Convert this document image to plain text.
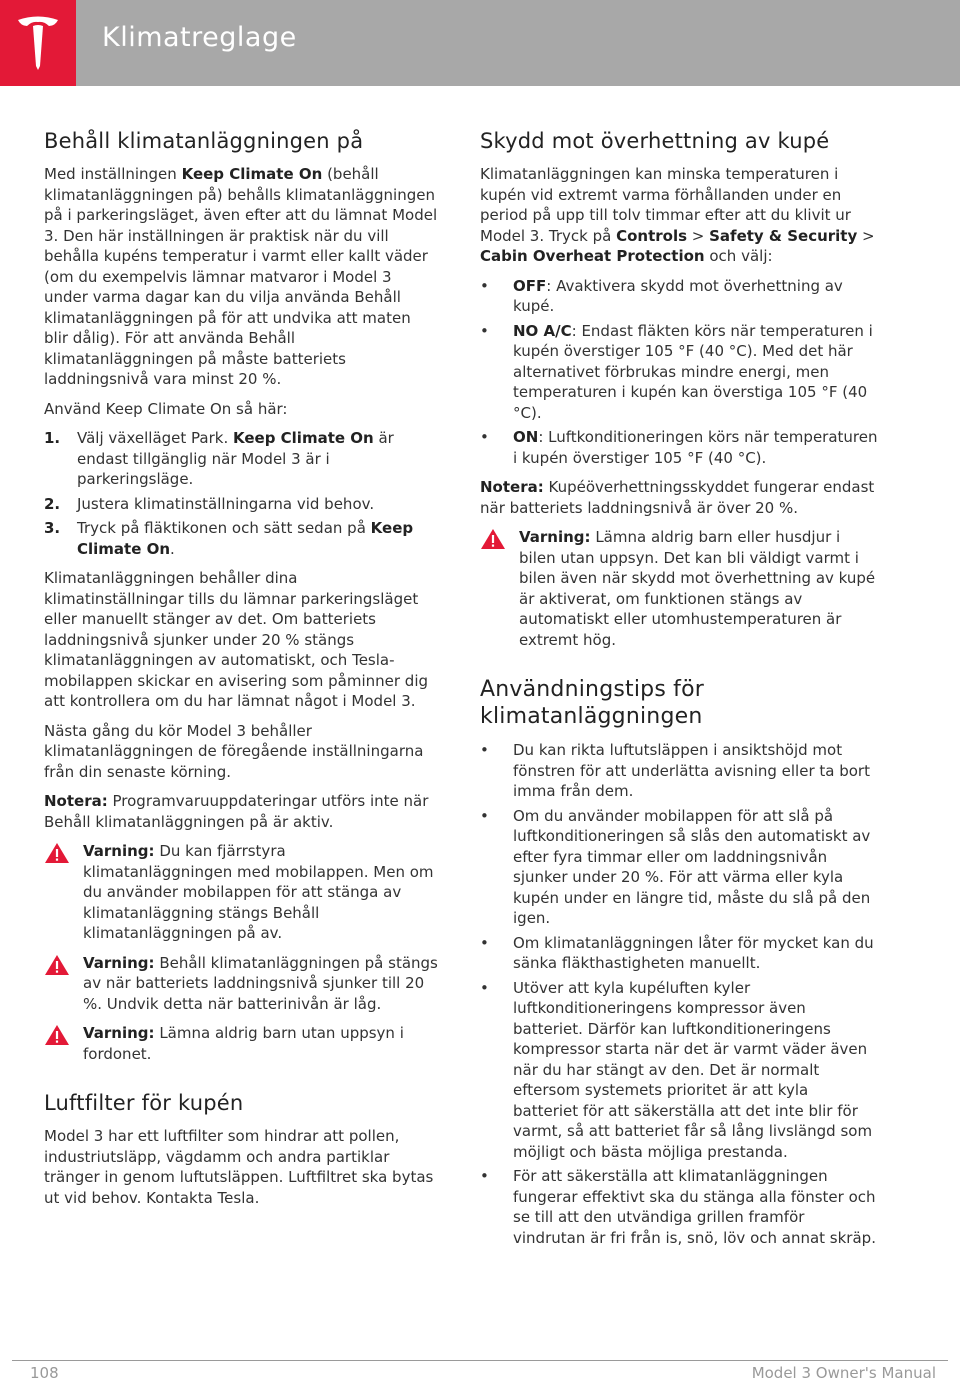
Klimatreglage
Behåll klimatanläggningen på

Med inställningen Keep Climate On (behåll klimatanläggningen på) behålls klimatanläggningen på i parkeringsläget, även efter att du lämnat Model 3. Den här inställningen är praktisk när du vill behålla kupéns temperatur i varmt eller kallt väder (om du exempelvis lämnar matvaror i Model 3 under varma dagar kan du vilja använda Behåll klimatanläggningen på för att undvika att maten blir dålig). För att använda Behåll klimatanläggningen på måste batteriets laddningsnivå vara minst 20 %.

Använd Keep Climate On så här:

1. Välj växelläget Park. Keep Climate On är endast tillgänglig när Model 3 är i parkeringsläge.
2. Justera klimatinställningarna vid behov.
3. Tryck på fläktikonen och sätt sedan på Keep Climate On.

Klimatanläggningen behåller dina klimatinställningar tills du lämnar parkeringsläget eller manuellt stänger av det. Om batteriets laddningsnivå sjunker under 20 % stängs klimatanläggningen av automatiskt, och Tesla-mobilappen skickar en avisering som påminner dig att kontrollera om du har lämnat något i Model 3.

Nästa gång du kör Model 3 behåller klimatanläggningen de föregående inställningarna från din senaste körning.

Notera: Programvaruuppdateringar utförs inte när Behåll klimatanläggningen på är aktiv.

Varning: Du kan fjärrstyra klimatanläggningen med mobilappen. Men om du använder mobilappen för att stänga av klimatanläggning stängs Behåll klimatanläggningen på av.
Varning: Behåll klimatanläggningen på stängs av när batteriets laddningsnivå sjunker till 20 %. Undvik detta när batterinivån är låg.
Varning: Lämna aldrig barn utan uppsyn i fordonet.
Luftfilter för kupén

Model 3 har ett luftfilter som hindrar att pollen, industriutsläpp, vägdamm och andra partiklar tränger in genom luftutsläppen. Luftfiltret ska bytas ut vid behov. Kontakta Tesla.

Skydd mot överhettning av kupé

Klimatanläggningen kan minska temperaturen i kupén vid extremt varma förhållanden under en period på upp till tolv timmar efter att du klivit ur Model 3. Tryck på Controls > Safety & Security > Cabin Overheat Protection och välj:

• OFF: Avaktivera skydd mot överhettning av kupé.
• NO A/C: Endast fläkten körs när temperaturen i kupén överstiger 105 °F (40 °C). Med det här alternativet förbrukas mindre energi, men temperaturen i kupén kan överstiga 105 °F (40 °C).
• ON: Luftkonditioneringen körs när temperaturen i kupén överstiger 105 °F (40 °C).

Notera: Kupéöverhettningsskyddet fungerar endast när batteriets laddningsnivå är över 20 %.

Varning: Lämna aldrig barn eller husdjur i bilen utan uppsyn. Det kan bli väldigt varmt i bilen även när skydd mot överhettning av kupé är aktiverat, om funktionen stängs av automatiskt eller utomhustemperaturen är extremt hög.
Användningstips för klimatanläggningen
• Du kan rikta luftutsläppen i ansiktshöjd mot fönstren för att underlätta avisning eller ta bort imma från dem.
• Om du använder mobilappen för att slå på luftkonditioneringen så slås den automatiskt av efter fyra timmar eller om laddningsnivån sjunker under 20 %. För att värma eller kyla kupén under en längre tid, måste du slå på den igen.
• Om klimatanläggningen låter för mycket kan du sänka fläkthastigheten manuellt.
• Utöver att kyla kupéluften kyler luftkonditioneringens kompressor även batteriet. Därför kan luftkonditioneringens kompressor starta när det är varmt väder även när du har stängt av den. Det är normalt eftersom systemets prioritet är att kyla batteriet för att säkerställa att det inte blir för varmt, så att batteriet får så lång livslängd som möjligt och bästa möjliga prestanda.
• För att säkerställa att klimatanläggningen fungerar effektivt ska du stänga alla fönster och se till att den utvändiga grillen framför vindrutan är fri från is, snö, löv och annat skräp.
108	Model 3 Owner's Manual
